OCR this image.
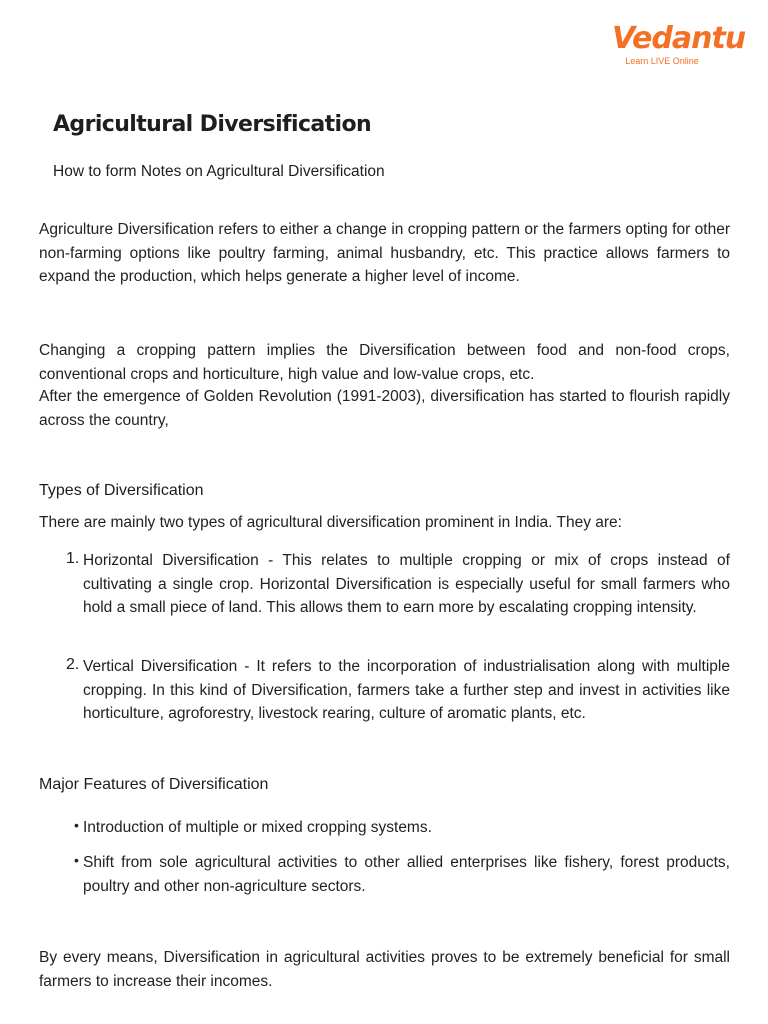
Vedantu
Learn LIVE Online
Agricultural Diversification

How to form Notes on Agricultural Diversification

Agriculture Diversification refers to either a change in cropping pattern or the farmers opting for other non-farming options like poultry farming, animal husbandry, etc. This practice allows farmers to expand the production, which helps generate a higher level of income.

Changing a cropping pattern implies the Diversification between food and non-food crops, conventional crops and horticulture, high value and low-value crops, etc.

After the emergence of Golden Revolution (1991-2003), diversification has started to flourish rapidly across the country,

Types of Diversification

There are mainly two types of agricultural diversification prominent in India. They are:

1. Horizontal Diversification - This relates to multiple cropping or mix of crops instead of cultivating a single crop. Horizontal Diversification is especially useful for small farmers who hold a small piece of land. This allows them to earn more by escalating cropping intensity.
2. Vertical Diversification - It refers to the incorporation of industrialisation along with multiple cropping. In this kind of Diversification, farmers take a further step and invest in activities like horticulture, agroforestry, livestock rearing, culture of aromatic plants, etc.
Major Features of Diversification
• Introduction of multiple or mixed cropping systems.
• Shift from sole agricultural activities to other allied enterprises like fishery, forest products, poultry and other non-agriculture sectors.

By every means, Diversification in agricultural activities proves to be extremely beneficial for small farmers to increase their incomes.
